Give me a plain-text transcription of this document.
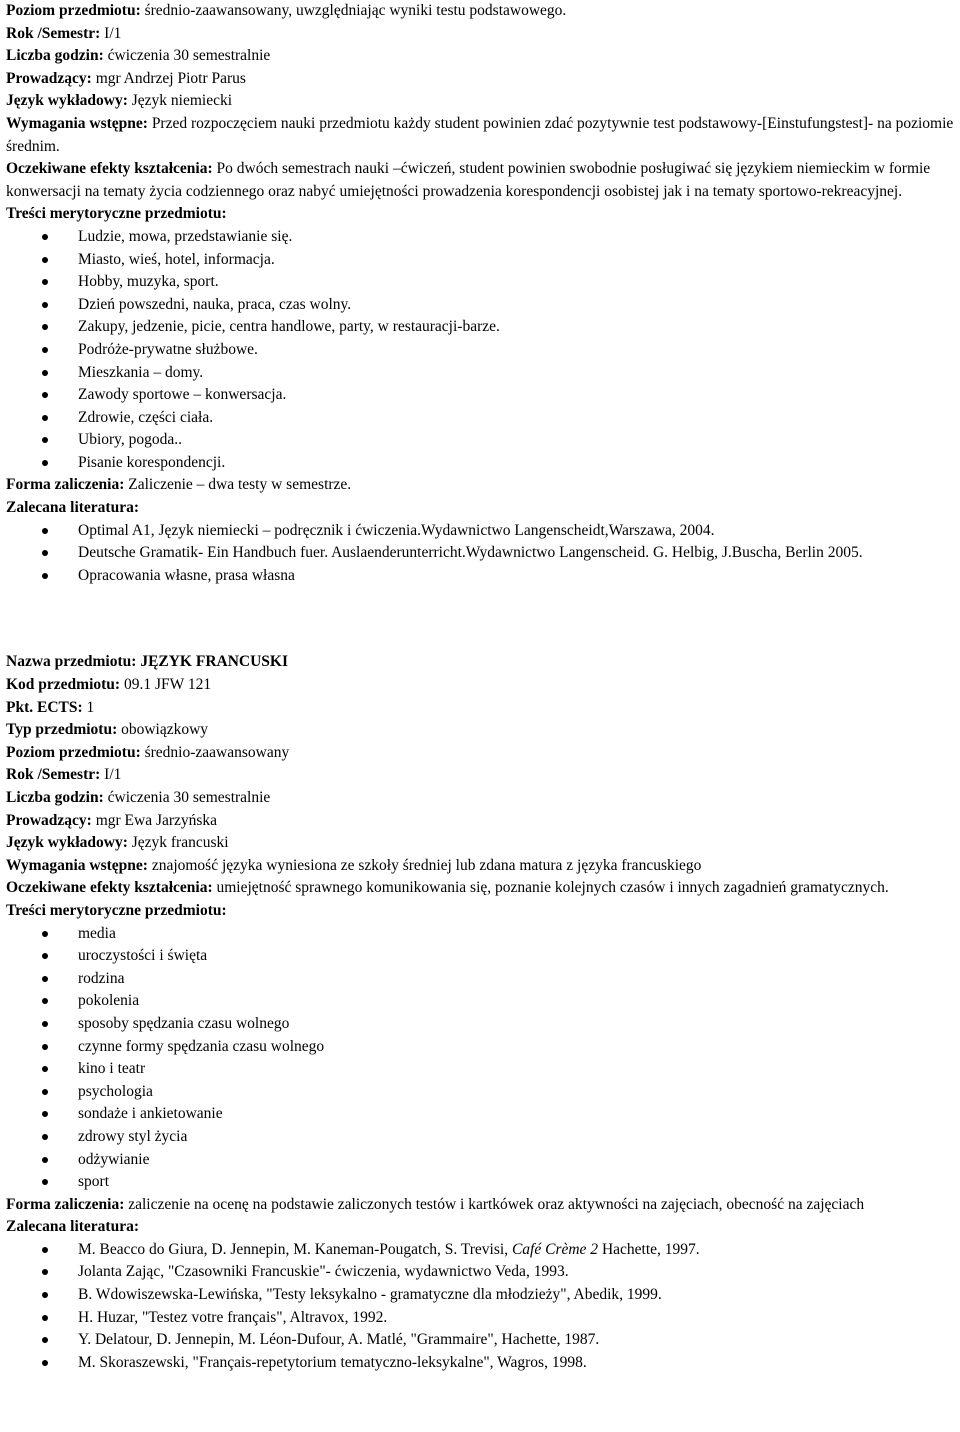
Poziom przedmiotu: średnio-zaawansowany, uwzględniając wyniki testu podstawowego.
Rok /Semestr: I/1
Liczba godzin: ćwiczenia 30 semestralnie
Prowadzący: mgr Andrzej Piotr Parus
Język wykładowy: Język niemiecki
Wymagania wstępne: Przed rozpoczęciem nauki przedmiotu każdy student powinien zdać pozytywnie test podstawowy-[Einstufungstest]- na poziomie średnim.
Oczekiwane efekty kształcenia: Po dwóch semestrach nauki –ćwiczeń, student powinien swobodnie posługiwać się językiem niemieckim w formie konwersacji na tematy życia codziennego oraz nabyć umiejętności prowadzenia korespondencji osobistej jak i na tematy sportowo-rekreacyjnej.
Treści merytoryczne przedmiotu:
Ludzie, mowa, przedstawianie się.
Miasto, wieś, hotel, informacja.
Hobby, muzyka, sport.
Dzień powszedni, nauka, praca, czas wolny.
Zakupy, jedzenie, picie, centra handlowe, party, w restauracji-barze.
Podróże-prywatne służbowe.
Mieszkania – domy.
Zawody sportowe – konwersacja.
Zdrowie, części ciała.
Ubiory, pogoda..
Pisanie korespondencji.
Forma zaliczenia: Zaliczenie – dwa testy w semestrze.
Zalecana literatura:
Optimal A1, Język niemiecki – podręcznik i ćwiczenia.Wydawnictwo Langenscheidt,Warszawa, 2004.
Deutsche Gramatik- Ein Handbuch fuer. Auslaenderunterricht.Wydawnictwo Langenscheid. G. Helbig, J.Buscha, Berlin 2005.
Opracowania własne, prasa własna
Nazwa przedmiotu: JĘZYK FRANCUSKI
Kod przedmiotu: 09.1 JFW 121
Pkt. ECTS: 1
Typ przedmiotu: obowiązkowy
Poziom przedmiotu: średnio-zaawansowany
Rok /Semestr: I/1
Liczba godzin: ćwiczenia 30 semestralnie
Prowadzący: mgr Ewa Jarzyńska
Język wykładowy: Język francuski
Wymagania wstępne: znajomość języka wyniesiona ze szkoły średniej lub zdana matura z języka francuskiego
Oczekiwane efekty kształcenia: umiejętność sprawnego komunikowania się, poznanie kolejnych czasów i innych zagadnień gramatycznych.
Treści merytoryczne przedmiotu:
media
uroczystości i święta
rodzina
pokolenia
sposoby spędzania czasu wolnego
czynne formy spędzania czasu wolnego
kino i teatr
psychologia
sondaże i ankietowanie
zdrowy styl życia
odżywianie
sport
Forma zaliczenia: zaliczenie na ocenę na podstawie zaliczonych testów i kartkówek oraz aktywności na zajęciach, obecność na zajęciach
Zalecana literatura:
M. Beacco do Giura, D. Jennepin, M. Kaneman-Pougatch, S. Trevisi, Café Crème 2 Hachette, 1997.
Jolanta Zając, "Czasowniki Francuskie"- ćwiczenia, wydawnictwo Veda, 1993.
B. Wdowiszewska-Lewińska, "Testy leksykalno - gramatyczne dla młodzieży", Abedik, 1999.
H. Huzar, "Testez votre français", Altravox, 1992.
Y. Delatour, D. Jennepin, M. Léon-Dufour, A. Matlé, "Grammaire", Hachette, 1987.
M. Skoraszewski, "Français-repetytorium tematyczno-leksykalne", Wagros, 1998.
